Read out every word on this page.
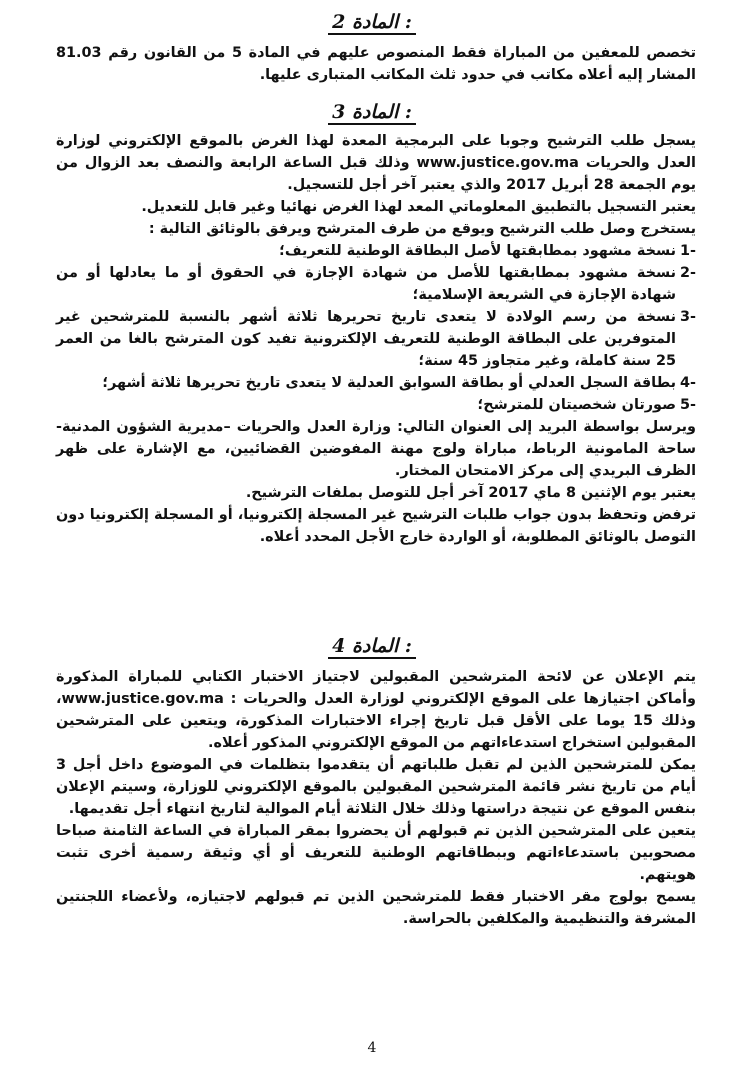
المادة 2 :

تخصص للمعفين من المباراة فقط المنصوص عليهم في المادة 5 من القانون رقم 81.03 المشار إليه أعلاه مكاتب في حدود ثلث المكاتب المتبارى عليها.

المادة 3 :

يسجل طلب الترشيح وجوبا على البرمجية المعدة لهذا الغرض بالموقع الإلكتروني لوزارة العدل والحريات www.justice.gov.ma وذلك قبل الساعة الرابعة والنصف بعد الزوال من يوم الجمعة 28 أبريل 2017 والذي يعتبر آخر أجل للتسجيل.

يعتبر التسجيل بالتطبيق المعلوماتي المعد لهذا الغرض نهائيا وغير قابل للتعديل.

يستخرج وصل طلب الترشيح ويوقع من طرف المترشح ويرفق بالوثائق التالية :

-1
نسخة مشهود بمطابقتها لأصل البطاقة الوطنية للتعريف؛
-2
نسخة مشهود بمطابقتها للأصل من شهادة الإجازة في الحقوق أو ما يعادلها أو من شهادة الإجازة في الشريعة الإسلامية؛
-3
نسخة من رسم الولادة لا يتعدى تاريخ تحريرها ثلاثة أشهر بالنسبة للمترشحين غير المتوفرين على البطاقة الوطنية للتعريف الإلكترونية تفيد كون المترشح بالغا من العمر 25 سنة كاملة، وغير متجاوز 45 سنة؛
-4
بطاقة السجل العدلي أو بطاقة السوابق العدلية لا يتعدى تاريخ تحريرها ثلاثة أشهر؛
-5
صورتان شخصيتان للمترشح؛

ويرسل بواسطة البريد إلى العنوان التالي: وزارة العدل والحريات –مديرية الشؤون المدنية- ساحة المامونية الرباط، مباراة ولوج مهنة المفوضين القضائيين، مع الإشارة على ظهر الظرف البريدي إلى مركز الامتحان المختار.

يعتبر يوم الإثنين 8 ماي 2017 آخر أجل للتوصل بملفات الترشيح.

ترفض وتحفظ بدون جواب طلبات الترشيح غير المسجلة إلكترونيا، أو المسجلة إلكترونيا دون التوصل بالوثائق المطلوبة، أو الواردة خارج الأجل المحدد أعلاه.

المادة 4 :

يتم الإعلان عن لائحة المترشحين المقبولين لاجتياز الاختبار الكتابي للمباراة المذكورة وأماكن اجتيازها على الموقع الإلكتروني لوزارة العدل والحريات : www.justice.gov.ma، وذلك 15 يوما على الأقل قبل تاريخ إجراء الاختبارات المذكورة، ويتعين على المترشحين المقبولين استخراج استدعاءاتهم من الموقع الإلكتروني المذكور أعلاه.

يمكن للمترشحين الذين لم تقبل طلباتهم أن يتقدموا بتظلمات في الموضوع داخل أجل 3 أيام من تاريخ نشر قائمة المترشحين المقبولين بالموقع الإلكتروني للوزارة، وسيتم الإعلان بنفس الموقع عن نتيجة دراستها وذلك خلال الثلاثة أيام الموالية لتاريخ انتهاء أجل تقديمها.

يتعين على المترشحين الذين تم قبولهم أن يحضروا بمقر المباراة في الساعة الثامنة صباحا مصحوبين باستدعاءاتهم وببطاقاتهم الوطنية للتعريف أو أي وثيقة رسمية أخرى تثبت هويتهم.

يسمح بولوج مقر الاختبار فقط للمترشحين الذين تم قبولهم لاجتيازه، ولأعضاء اللجنتين المشرفة والتنظيمية والمكلفين بالحراسة.

4
